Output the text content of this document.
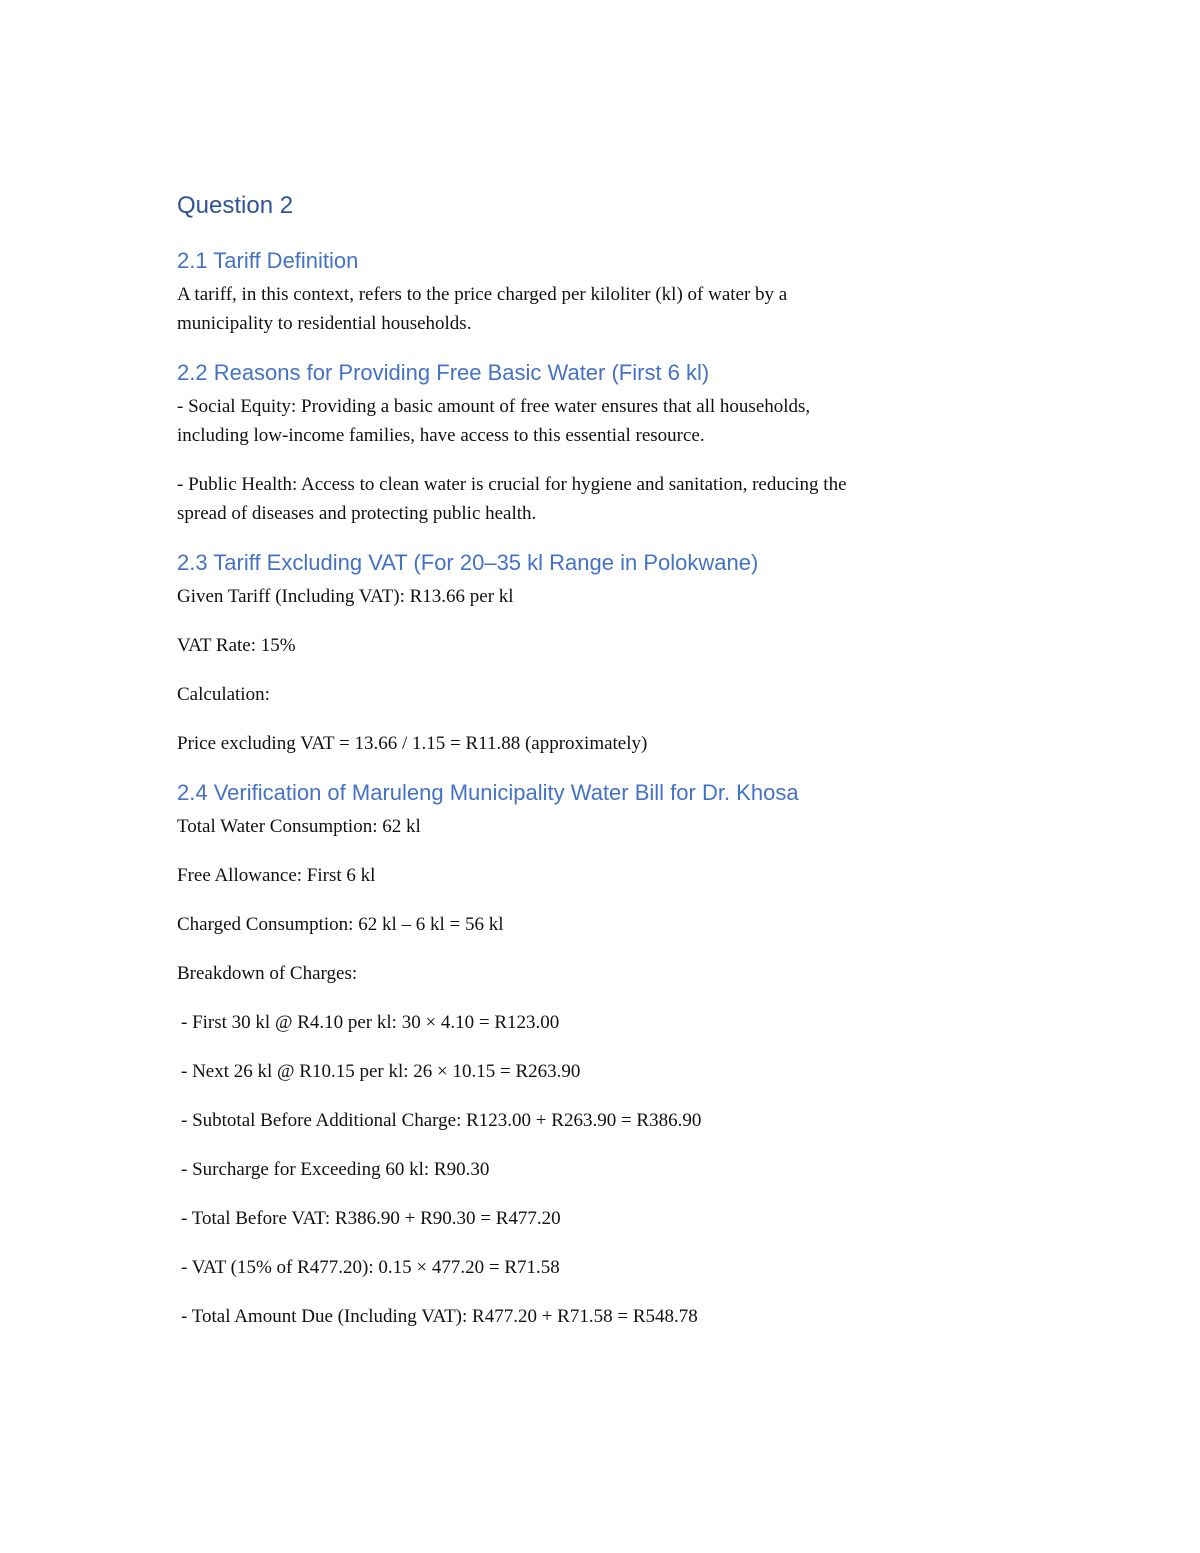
Question 2
2.1 Tariff Definition

A tariff, in this context, refers to the price charged per kiloliter (kl) of water by a

municipality to residential households.

2.2 Reasons for Providing Free Basic Water (First 6 kl)

- Social Equity: Providing a basic amount of free water ensures that all households,

including low-income families, have access to this essential resource.

- Public Health: Access to clean water is crucial for hygiene and sanitation, reducing the

spread of diseases and protecting public health.

2.3 Tariff Excluding VAT (For 20–35 kl Range in Polokwane)

Given Tariff (Including VAT): R13.66 per kl

VAT Rate: 15%

Calculation:

Price excluding VAT = 13.66 / 1.15 = R11.88 (approximately)

2.4 Verification of Maruleng Municipality Water Bill for Dr. Khosa

Total Water Consumption: 62 kl

Free Allowance: First 6 kl

Charged Consumption: 62 kl – 6 kl = 56 kl

Breakdown of Charges:

- First 30 kl @ R4.10 per kl: 30 × 4.10 = R123.00

- Next 26 kl @ R10.15 per kl: 26 × 10.15 = R263.90

- Subtotal Before Additional Charge: R123.00 + R263.90 = R386.90

- Surcharge for Exceeding 60 kl: R90.30

- Total Before VAT: R386.90 + R90.30 = R477.20

- VAT (15% of R477.20): 0.15 × 477.20 = R71.58

- Total Amount Due (Including VAT): R477.20 + R71.58 = R548.78
